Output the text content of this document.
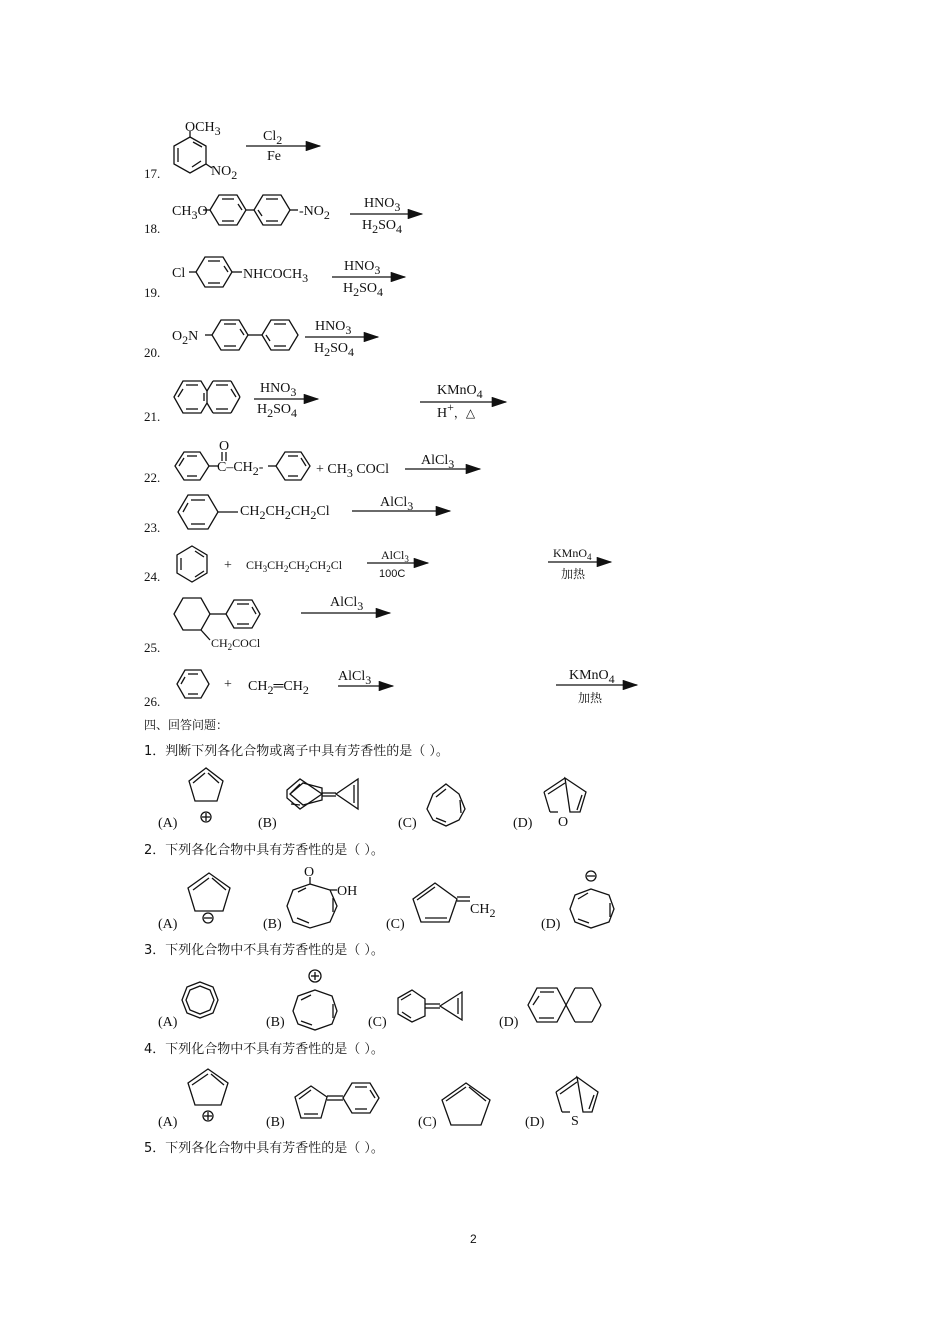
17.
OCH3
NO2
Cl2
Fe
18.
CH3O	-NO2
HNO3
H2SO4
19.
Cl	NHCOCH3
HNO3
H2SO4
20.
O2N
HNO3
H2SO4
21.
HNO3
H2SO4
KMnO4
H+，△
22.
O
C–CH2-	+ CH3 COCl
AlCl3
23.
CH2CH2CH2Cl
AlCl3
24.
+ $CH_3CH_2CH_2CH_2Cl$
AlCl$_3$
100C
KMnO$_4$
加热
25.	$CH_2COCl$
AlCl3
26.
+ CH2═CH2
AlCl3	KMnO4
加热
四、回答问题：
1．判断下列各化合物或离子中具有芳香性的是（ ）。
(A)	(B)	(C)	(D) O
2．下列各化合物中具有芳香性的是（ ）。
(A)	(B)	(C)	(D)
O
OH
CH2
3．下列化合物中不具有芳香性的是（ ）。
(A)	(B)	(C)	(D)
4．下列化合物中不具有芳香性的是（ ）。
(A)	(B)	(C)	(D) S
5．下列各化合物中具有芳香性的是（ ）。
2
